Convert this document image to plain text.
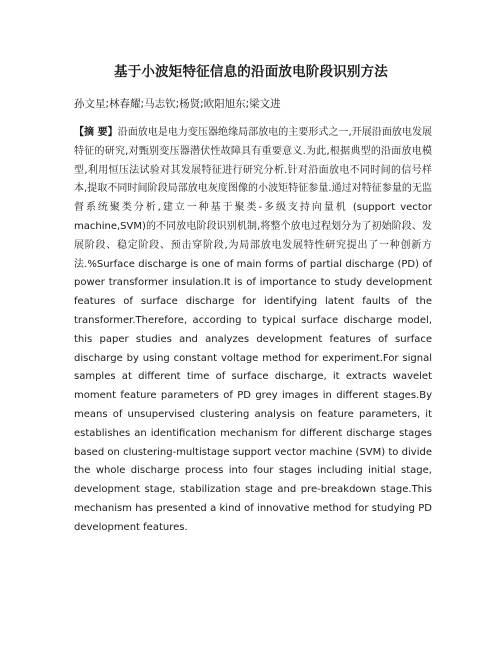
基于小波矩特征信息的沿面放电阶段识别方法
孙文星;林春耀;马志钦;杨贤;欧阳旭东;梁文进
【摘 要】沿面放电是电力变压器绝缘局部放电的主要形式之一,开展沿面放电发展特征的研究,对甄别变压器潜伏性故障具有重要意义.为此,根据典型的沿面放电模型,利用恒压法试验对其发展特征进行研究分析.针对沿面放电不同时间的信号样本,提取不同时间阶段局部放电灰度图像的小波矩特征参量.通过对特征参量的无监督系统聚类分析,建立一种基于聚类-多级支持向量机 (support vector machine,SVM)的不同放电阶段识别机制,将整个放电过程划分为了初始阶段、发展阶段、稳定阶段、预击穿阶段,为局部放电发展特性研究提出了一种创新方法.%Surface discharge is one of main forms of partial discharge (PD) of power transformer insulation.It is of importance to study development features of surface discharge for identifying latent faults of the transformer.Therefore, according to typical surface discharge model, this paper studies and analyzes development features of surface discharge by using constant voltage method for experiment.For signal samples at different time of surface discharge, it extracts wavelet moment feature parameters of PD grey images in different stages.By means of unsupervised clustering analysis on feature parameters, it establishes an identification mechanism for different discharge stages based on clustering-multistage support vector machine (SVM) to divide the whole discharge process into four stages including initial stage, development stage, stabilization stage and pre-breakdown stage.This mechanism has presented a kind of innovative method for studying PD development features.
